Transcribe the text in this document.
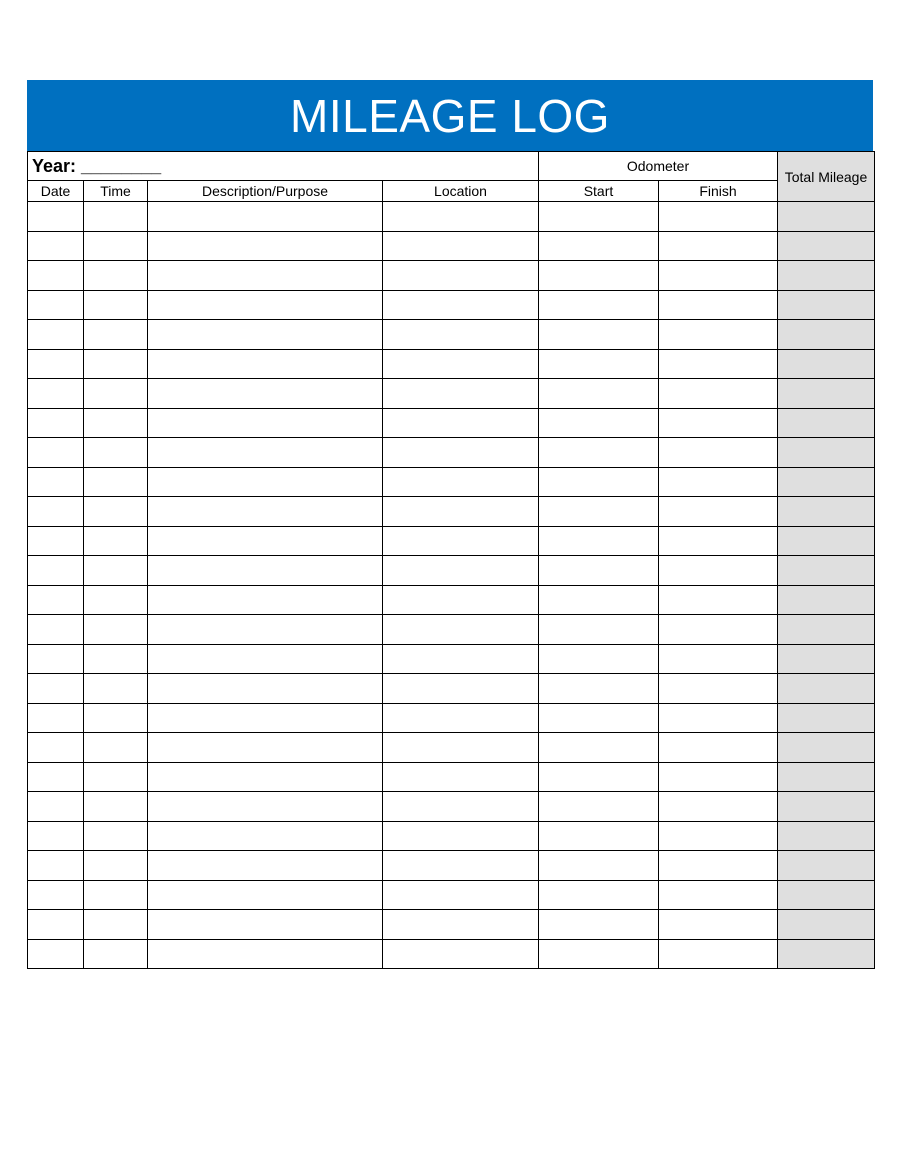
MILEAGE LOG
Year: ________				Odometer		Total Mileage
Date	Time	Description/Purpose	Location	Start	Finish	
